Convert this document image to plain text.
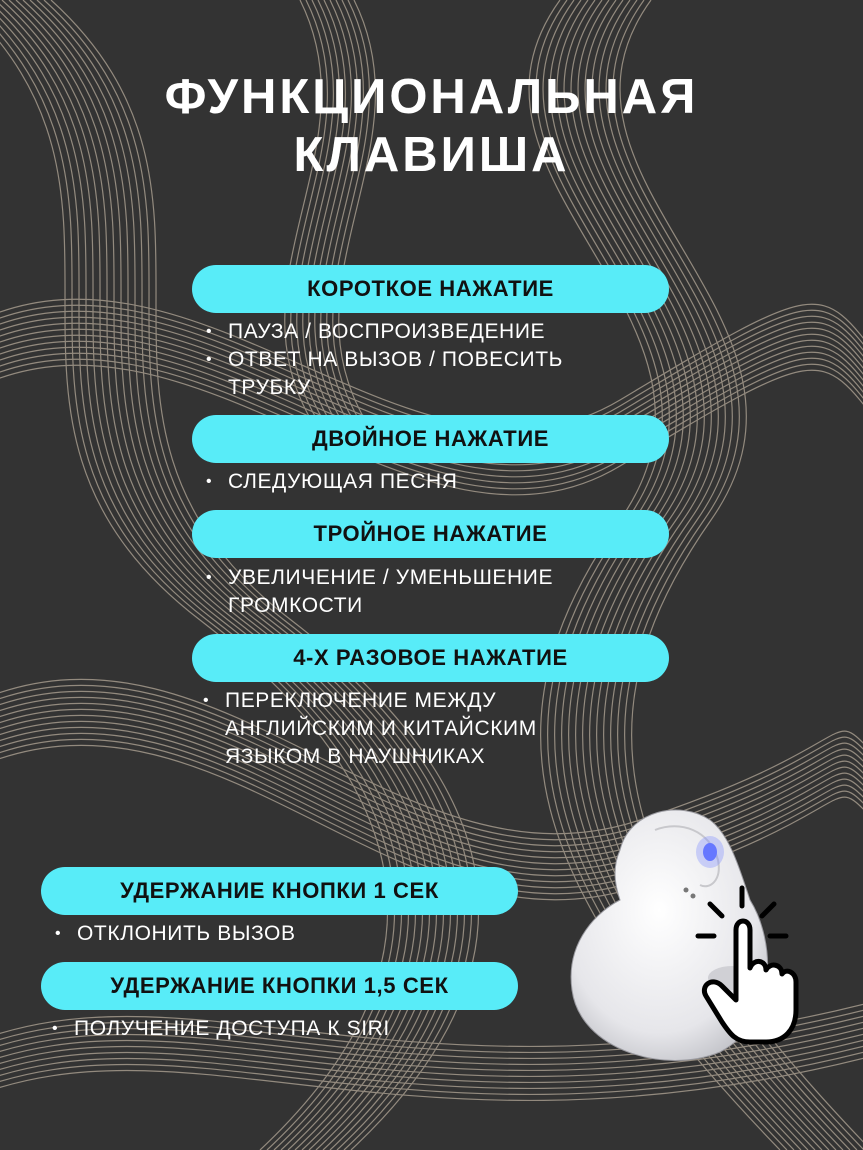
ФУНКЦИОНАЛЬНАЯ
КЛАВИША
КОРОТКОЕ НАЖАТИЕ
• ПАУЗА / ВОСПРОИЗВЕДЕНИЕ
• ОТВЕТ НА ВЫЗОВ / ПОВЕСИТЬ ТРУБКУ
ДВОЙНОЕ НАЖАТИЕ
• СЛЕДУЮЩАЯ ПЕСНЯ
ТРОЙНОЕ НАЖАТИЕ
• УВЕЛИЧЕНИЕ / УМЕНЬШЕНИЕ ГРОМКОСТИ
4-Х РАЗОВОЕ НАЖАТИЕ
• ПЕРЕКЛЮЧЕНИЕ МЕЖДУ АНГЛИЙСКИМ И КИТАЙСКИМ ЯЗЫКОМ В НАУШНИКАХ
УДЕРЖАНИЕ КНОПКИ 1 СЕК
• ОТКЛОНИТЬ ВЫЗОВ
УДЕРЖАНИЕ КНОПКИ 1,5 СЕК
• ПОЛУЧЕНИЕ ДОСТУПА К SIRI
